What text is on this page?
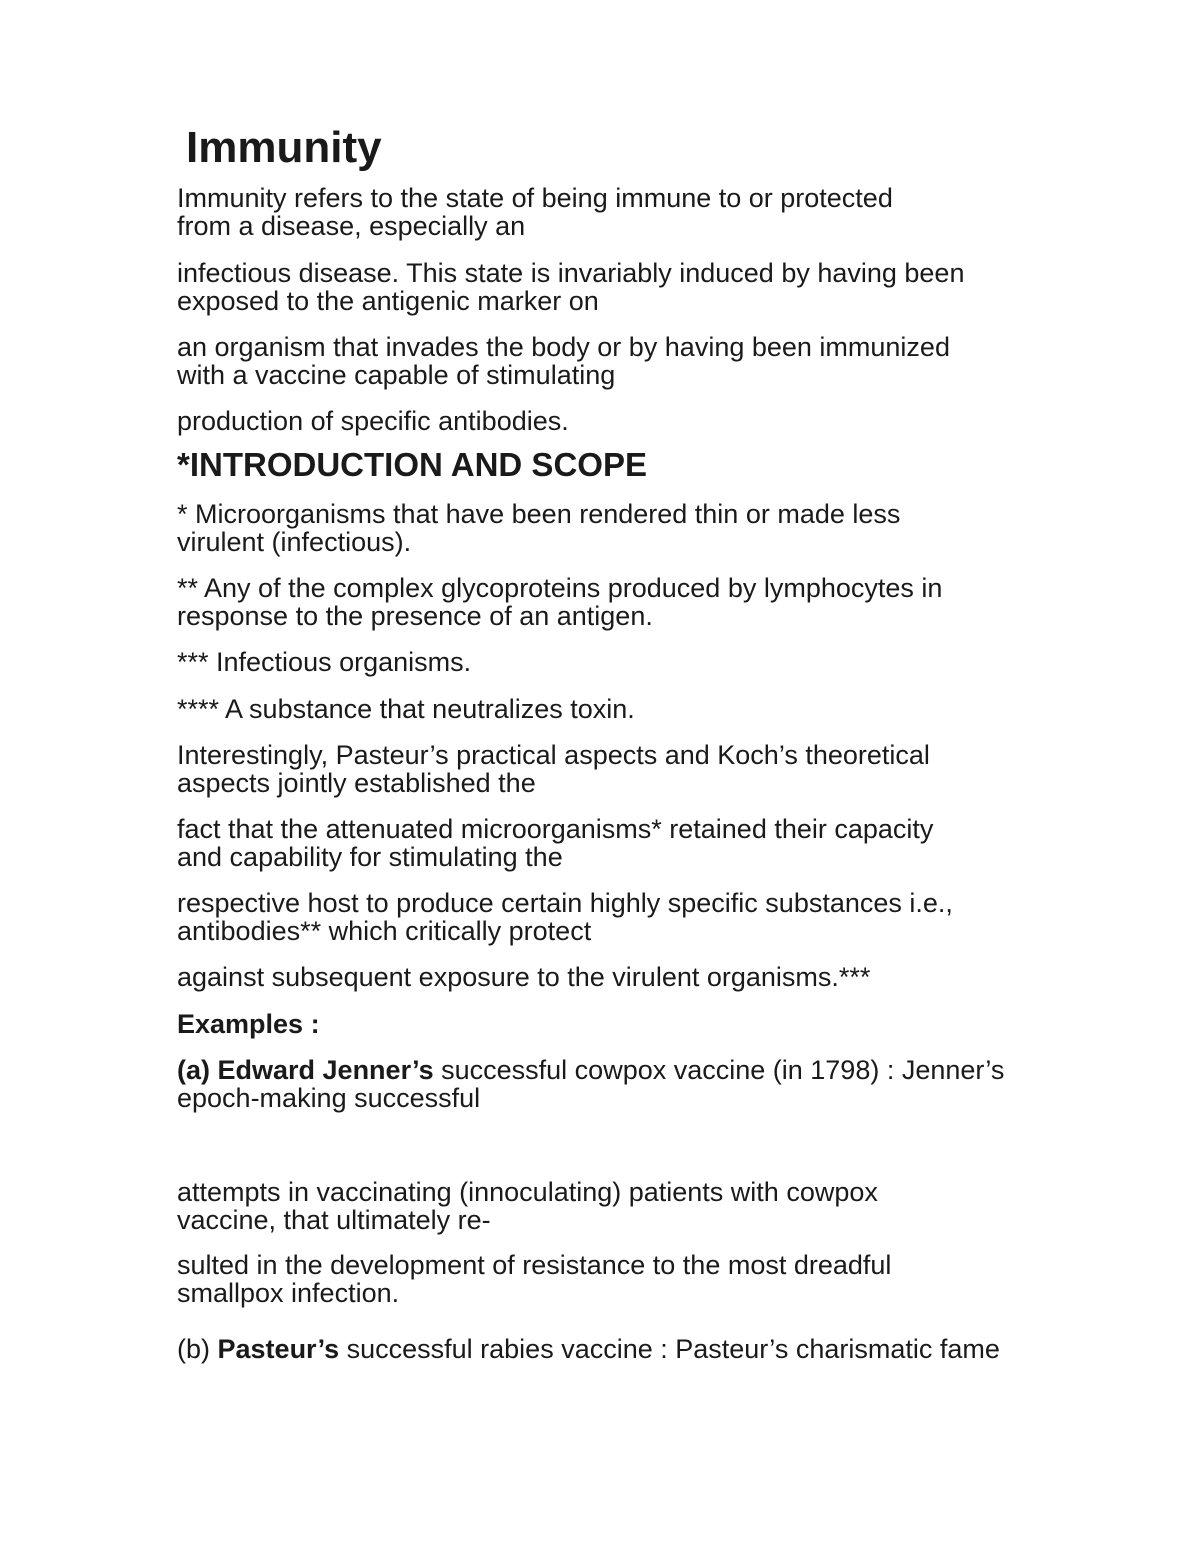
Immunity

Immunity refers to the state of being immune to or protected
from a disease, especially an

infectious disease. This state is invariably induced by having been
exposed to the antigenic marker on

an organism that invades the body or by having been immunized
with a vaccine capable of stimulating

production of specific antibodies.

*INTRODUCTION AND SCOPE

* Microorganisms that have been rendered thin or made less
virulent (infectious).

** Any of the complex glycoproteins produced by lymphocytes in
response to the presence of an antigen.

*** Infectious organisms.

**** A substance that neutralizes toxin.

Interestingly, Pasteur’s practical aspects and Koch’s theoretical
aspects jointly established the

fact that the attenuated microorganisms* retained their capacity
and capability for stimulating the

respective host to produce certain highly specific substances i.e.,
antibodies** which critically protect

against subsequent exposure to the virulent organisms.***

Examples :

(a) Edward Jenner’s successful cowpox vaccine (in 1798) : Jenner’s
epoch-making successful

attempts in vaccinating (innoculating) patients with cowpox
vaccine, that ultimately re-

sulted in the development of resistance to the most dreadful
smallpox infection.

(b) Pasteur’s successful rabies vaccine : Pasteur’s charismatic fame
